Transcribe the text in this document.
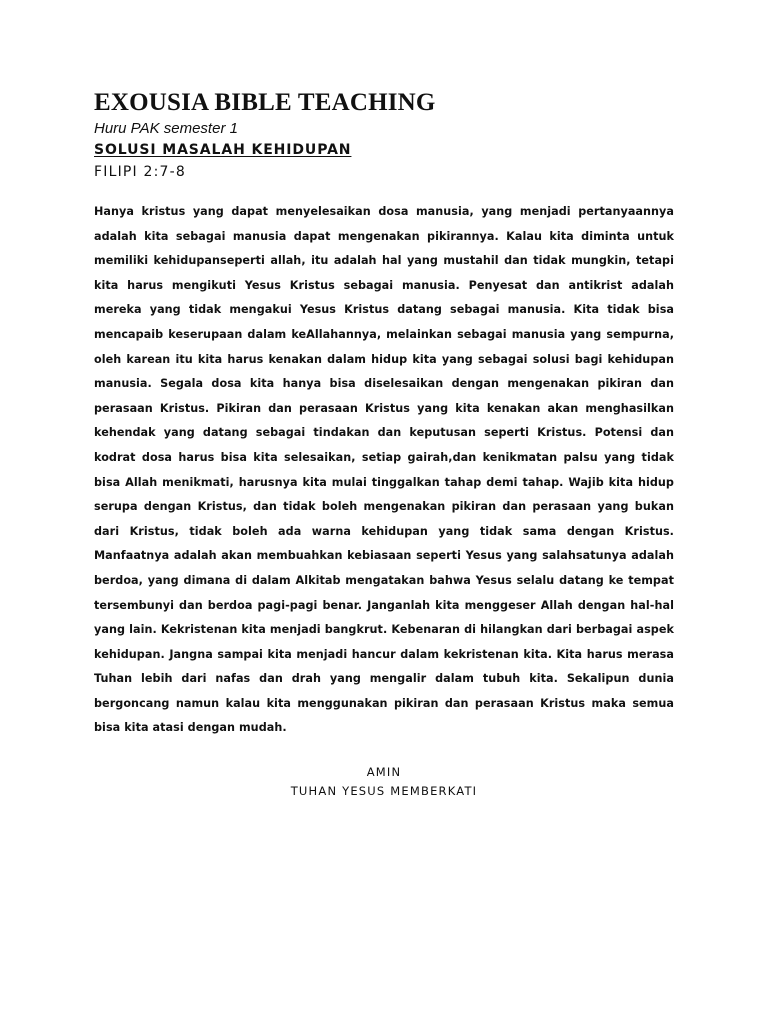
EXOUSIA BIBLE TEACHING
Huru PAK semester 1
SOLUSI MASALAH KEHIDUPAN
FILIPI 2:7-8

Hanya kristus yang dapat menyelesaikan dosa manusia, yang menjadi pertanyaannya adalah kita sebagai manusia dapat mengenakan pikirannya. Kalau kita diminta untuk memiliki kehidupanseperti allah, itu adalah hal yang mustahil dan tidak mungkin, tetapi kita harus mengikuti Yesus Kristus sebagai manusia. Penyesat dan antikrist adalah mereka yang tidak mengakui Yesus Kristus datang sebagai manusia. Kita tidak bisa mencapaib keserupaan dalam keAllahannya, melainkan sebagai manusia yang sempurna, oleh karean itu kita harus kenakan dalam hidup kita yang sebagai solusi bagi kehidupan manusia. Segala dosa kita hanya bisa diselesaikan dengan mengenakan pikiran dan perasaan Kristus. Pikiran dan perasaan Kristus yang kita kenakan akan menghasilkan kehendak yang datang sebagai tindakan dan keputusan seperti Kristus. Potensi dan kodrat dosa harus bisa kita selesaikan, setiap gairah,dan kenikmatan palsu yang tidak bisa Allah menikmati, harusnya kita mulai tinggalkan tahap demi tahap. Wajib kita hidup serupa dengan Kristus, dan tidak boleh mengenakan pikiran dan perasaan yang bukan dari Kristus, tidak boleh ada warna kehidupan yang tidak sama dengan Kristus. Manfaatnya adalah akan membuahkan kebiasaan seperti Yesus yang salahsatunya adalah berdoa, yang dimana di dalam Alkitab mengatakan bahwa Yesus selalu datang ke tempat tersembunyi dan berdoa pagi-pagi benar. Janganlah kita menggeser Allah dengan hal-hal yang lain. Kekristenan kita menjadi bangkrut. Kebenaran di hilangkan dari berbagai aspek kehidupan. Jangna sampai kita menjadi hancur dalam kekristenan kita. Kita harus merasa Tuhan lebih dari nafas dan drah yang mengalir dalam tubuh kita. Sekalipun dunia bergoncang namun kalau kita menggunakan pikiran dan perasaan Kristus maka semua bisa kita atasi dengan mudah.

AMIN
TUHAN YESUS MEMBERKATI
